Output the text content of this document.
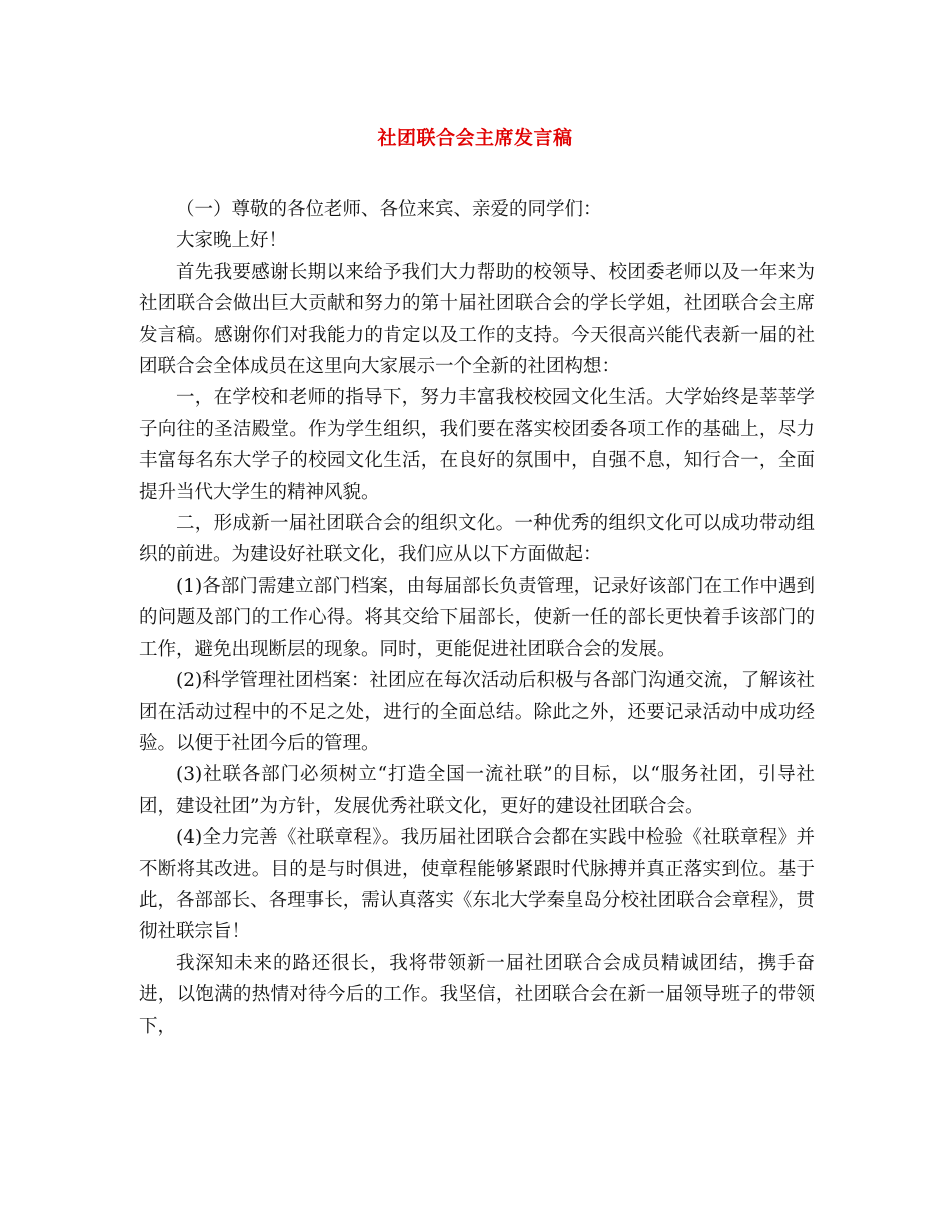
社团联合会主席发言稿

（一）尊敬的各位老师、各位来宾、亲爱的同学们：

大家晚上好！

首先我要感谢长期以来给予我们大力帮助的校领导、校团委老师以及一年来为社团联合会做出巨大贡献和努力的第十届社团联合会的学长学姐，社团联合会主席发言稿。感谢你们对我能力的肯定以及工作的支持。今天很高兴能代表新一届的社团联合会全体成员在这里向大家展示一个全新的社团构想：

一，在学校和老师的指导下，努力丰富我校校园文化生活。大学始终是莘莘学子向往的圣洁殿堂。作为学生组织，我们要在落实校团委各项工作的基础上，尽力丰富每名东大学子的校园文化生活，在良好的氛围中，自强不息，知行合一，全面提升当代大学生的精神风貌。

二，形成新一届社团联合会的组织文化。一种优秀的组织文化可以成功带动组织的前进。为建设好社联文化，我们应从以下方面做起：

(1)各部门需建立部门档案，由每届部长负责管理，记录好该部门在工作中遇到的问题及部门的工作心得。将其交给下届部长，使新一任的部长更快着手该部门的工作，避免出现断层的现象。同时，更能促进社团联合会的发展。

(2)科学管理社团档案：社团应在每次活动后积极与各部门沟通交流，了解该社团在活动过程中的不足之处，进行的全面总结。除此之外，还要记录活动中成功经验。以便于社团今后的管理。

(3)社联各部门必须树立“打造全国一流社联”的目标，以“服务社团，引导社团，建设社团”为方针，发展优秀社联文化，更好的建设社团联合会。

(4)全力完善《社联章程》。我历届社团联合会都在实践中检验《社联章程》并不断将其改进。目的是与时俱进，使章程能够紧跟时代脉搏并真正落实到位。基于此，各部部长、各理事长，需认真落实《东北大学秦皇岛分校社团联合会章程》，贯彻社联宗旨！

我深知未来的路还很长，我将带领新一届社团联合会成员精诚团结，携手奋进，以饱满的热情对待今后的工作。我坚信，社团联合会在新一届领导班子的带领下，
